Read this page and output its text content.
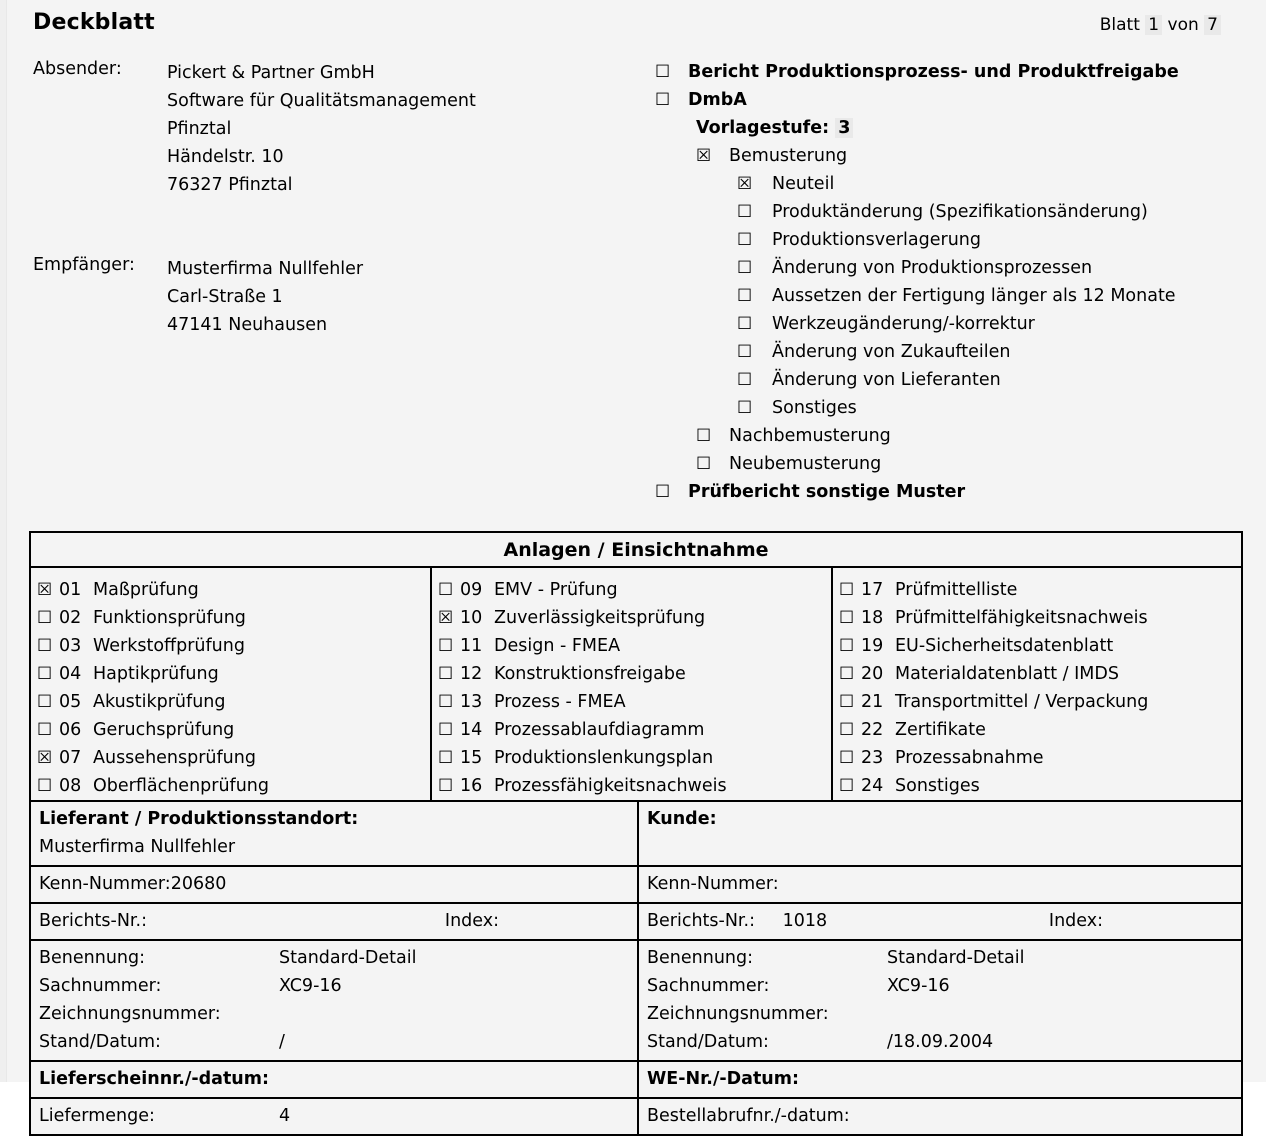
Deckblatt	Blatt 1 von 7
Absender:	Pickert & Partner GmbH
Software für Qualitätsmanagement
Pfinztal
Händelstr. 10
76327 Pfinztal
Empfänger: Musterfirma Nullfehler
Carl-Straße 1
47141 Neuhausen
☐	Bericht Produktionsprozess- und Produktfreigabe
☐	DmbA
Vorlagestufe: 3
☒	Bemusterung
☒	Neuteil
☐	Produktänderung (Spezifikationsänderung)
☐	Produktionsverlagerung
☐	Änderung von Produktionsprozessen
☐	Aussetzen der Fertigung länger als 12 Monate
☐	Werkzeugänderung/-korrektur
☐	Änderung von Zukaufteilen
☐	Änderung von Lieferanten
☐	Sonstiges
☐	Nachbemusterung
☐	Neubemusterung
☐	Prüfbericht sonstige Muster
Anlagen / Einsichtnahme
☒ 01 Maßprüfung
☐ 02 Funktionsprüfung
☐ 03 Werkstoffprüfung
☐ 04 Haptikprüfung
☐ 05 Akustikprüfung
☐ 06 Geruchsprüfung
☒ 07 Aussehensprüfung
☐ 08 Oberflächenprüfung
☐ 09 EMV - Prüfung
☒ 10 Zuverlässigkeitsprüfung
☐ 11 Design - FMEA
☐ 12 Konstruktionsfreigabe
☐ 13 Prozess - FMEA
☐ 14 Prozessablaufdiagramm
☐ 15 Produktionslenkungsplan
☐ 16 Prozessfähigkeitsnachweis
☐ 17 Prüfmittelliste
☐ 18 Prüfmittelfähigkeitsnachweis
☐ 19 EU-Sicherheitsdatenblatt
☐ 20 Materialdatenblatt / IMDS
☐ 21 Transportmittel / Verpackung
☐ 22 Zertifikate
☐ 23 Prozessabnahme
☐ 24 Sonstiges
Lieferant / Produktionsstandort:
Musterfirma Nullfehler
Kunde:

Kenn-Nummer:20680	Kenn-Nummer:
Berichts-Nr.:	Index:	Berichts-Nr.: 1018	Index:
Benennung:	Standard-Detail
Sachnummer:	XC9-16
Zeichnungsnummer:
Stand/Datum:	/
Benennung:	Standard-Detail
Sachnummer:	XC9-16
Zeichnungsnummer:
Stand/Datum:	/18.09.2004
Lieferscheinnr./-datum:	WE-Nr./-Datum:
Liefermenge:	4	Bestellabrufnr./-datum:
